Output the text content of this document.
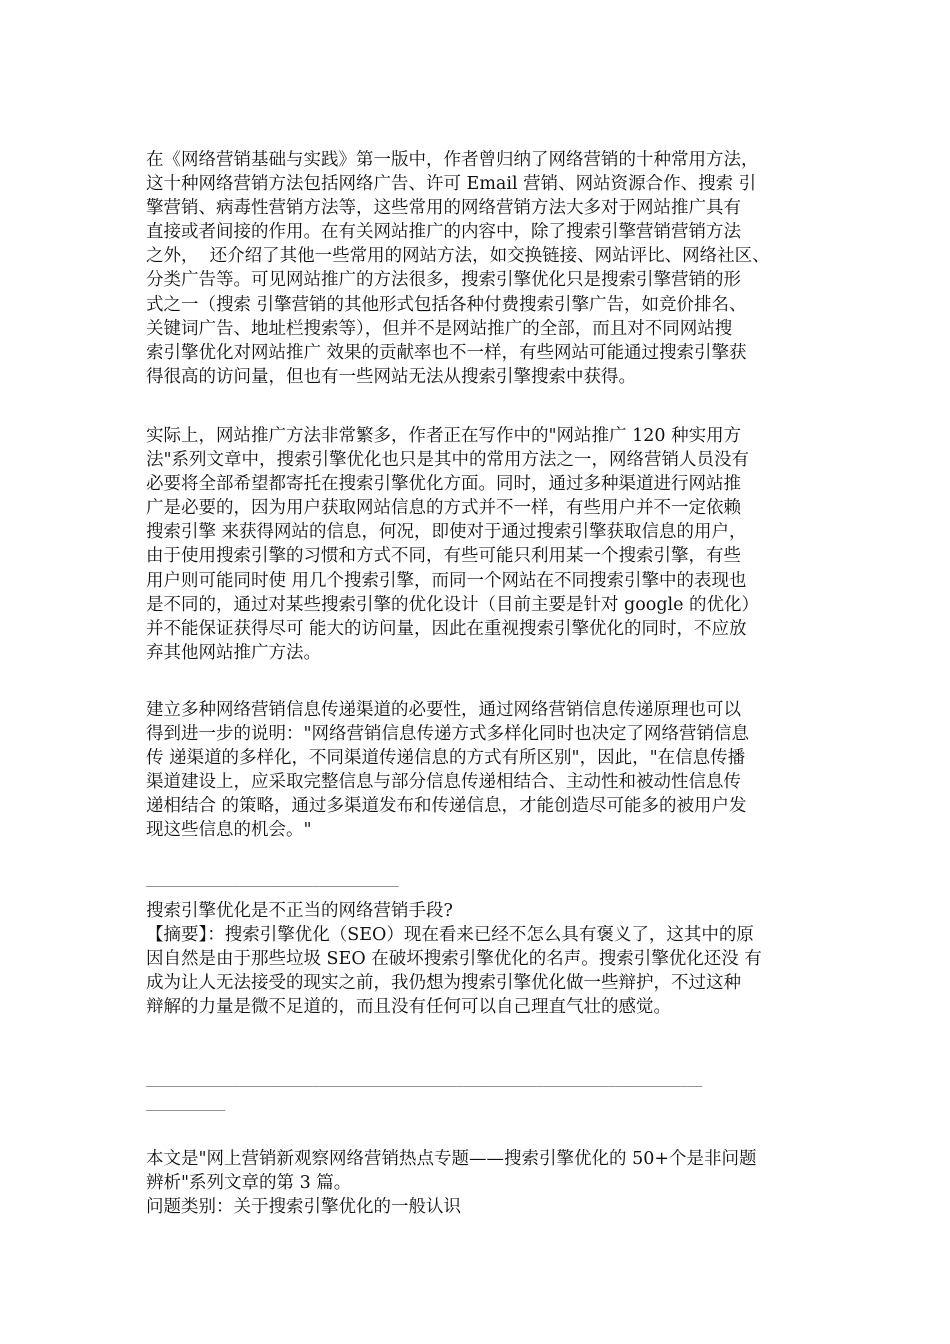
在《网络营销基础与实践》第一版中，作者曾归纳了网络营销的十种常用方法，
这十种网络营销方法包括网络广告、许可 Email 营销、网站资源合作、搜索 引
擎营销、病毒性营销方法等，这些常用的网络营销方法大多对于网站推广具有
直接或者间接的作用。在有关网站推广的内容中，除了搜索引擎营销营销方法
之外，  还介绍了其他一些常用的网站方法，如交换链接、网站评比、网络社区、
分类广告等。可见网站推广的方法很多，搜索引擎优化只是搜索引擎营销的形
式之一（搜索 引擎营销的其他形式包括各种付费搜索引擎广告，如竞价排名、
关键词广告、地址栏搜索等），但并不是网站推广的全部，而且对不同网站搜
索引擎优化对网站推广 效果的贡献率也不一样，有些网站可能通过搜索引擎获
得很高的访问量，但也有一些网站无法从搜索引擎搜索中获得。

实际上，网站推广方法非常繁多，作者正在写作中的"网站推广 120 种实用方
法"系列文章中，搜索引擎优化也只是其中的常用方法之一，网络营销人员没有
必要将全部希望都寄托在搜索引擎优化方面。同时，通过多种渠道进行网站推
广是必要的，因为用户获取网站信息的方式并不一样，有些用户并不一定依赖
搜索引擎 来获得网站的信息，何况，即使对于通过搜索引擎获取信息的用户，
由于使用搜索引擎的习惯和方式不同，有些可能只利用某一个搜索引擎，有些
用户则可能同时使 用几个搜索引擎，而同一个网站在不同搜索引擎中的表现也
是不同的，通过对某些搜索引擎的优化设计（目前主要是针对 google 的优化）
并不能保证获得尽可 能大的访问量，因此在重视搜索引擎优化的同时，不应放
弃其他网站推广方法。

建立多种网络营销信息传递渠道的必要性，通过网络营销信息传递原理也可以
得到进一步的说明："网络营销信息传递方式多样化同时也决定了网络营销信息
传 递渠道的多样化，不同渠道传递信息的方式有所区别"，因此，"在信息传播
渠道建设上，应采取完整信息与部分信息传递相结合、主动性和被动性信息传
递相结合 的策略，通过多渠道发布和传递信息，才能创造尽可能多的被用户发
现这些信息的机会。"

___________________________________

搜索引擎优化是不正当的网络营销手段?

【摘要】：搜索引擎优化（SEO）现在看来已经不怎么具有褒义了，这其中的原
因自然是由于那些垃圾 SEO 在破坏搜索引擎优化的名声。搜索引擎优化还没 有
成为让人无法接受的现实之前，我仍想为搜索引擎优化做一些辩护，不过这种
辩解的力量是微不足道的，而且没有任何可以自己理直气壮的感觉。

_____________________________________________________________________________
___________

本文是"网上营销新观察网络营销热点专题——搜索引擎优化的 50+个是非问题
辨析"系列文章的第 3 篇。

问题类别：关于搜索引擎优化的一般认识
